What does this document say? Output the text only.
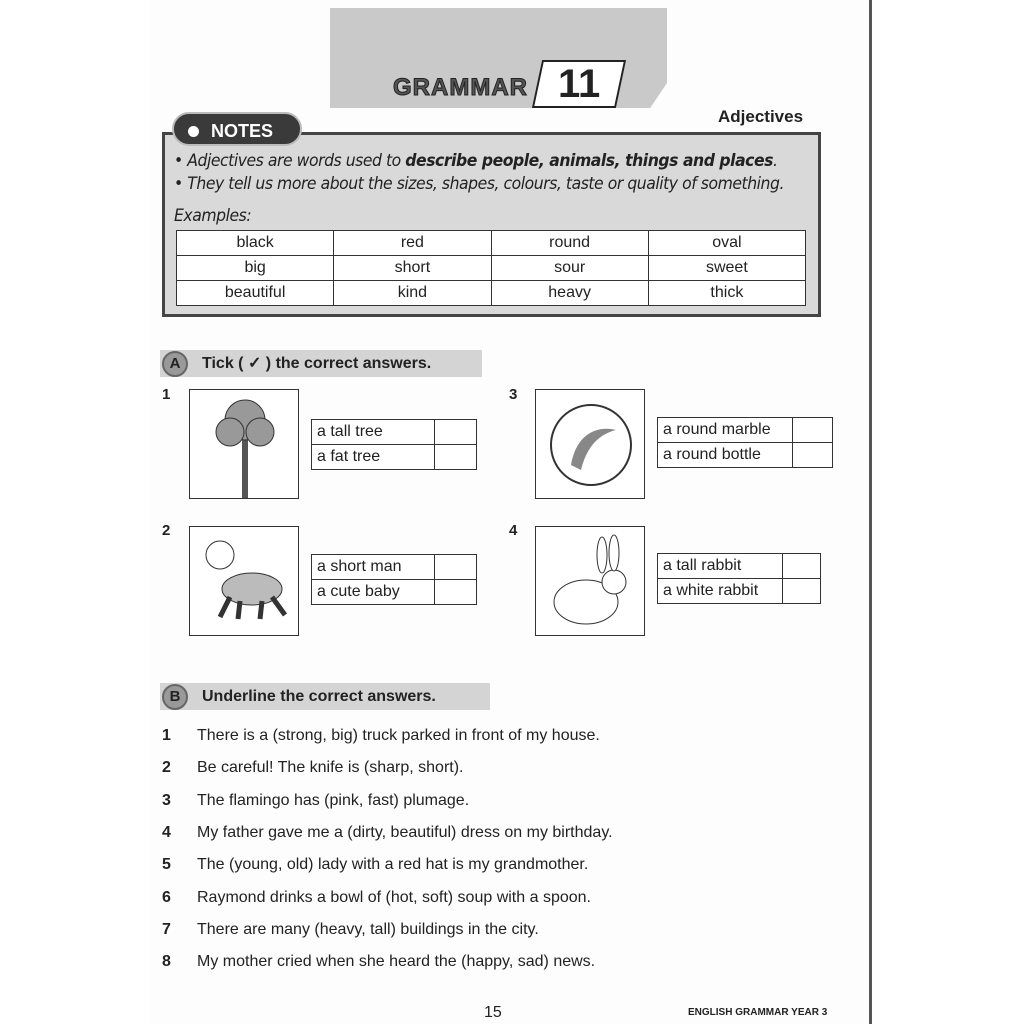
GRAMMAR 11
Adjectives
NOTES
• Adjectives are words used to describe people, animals, things and places.
• They tell us more about the sizes, shapes, colours, taste or quality of something.
Examples:
black	red	round	oval
big	short	sour	sweet
beautiful	kind	heavy	thick
A	Tick ( ✓ ) the correct answers.
1
a tall tree	
a fat tree	
2
a short man	
a cute baby	
3
a round marble	
a round bottle	
4
a tall rabbit	
a white rabbit	
B	Underline the correct answers.
1 There is a (strong, big) truck parked in front of my house.
2 Be careful! The knife is (sharp, short).
3 The flamingo has (pink, fast) plumage.
4 My father gave me a (dirty, beautiful) dress on my birthday.
5 The (young, old) lady with a red hat is my grandmother.
6 Raymond drinks a bowl of (hot, soft) soup with a spoon.
7 There are many (heavy, tall) buildings in the city.
8 My mother cried when she heard the (happy, sad) news.
15	ENGLISH GRAMMAR YEAR 3
